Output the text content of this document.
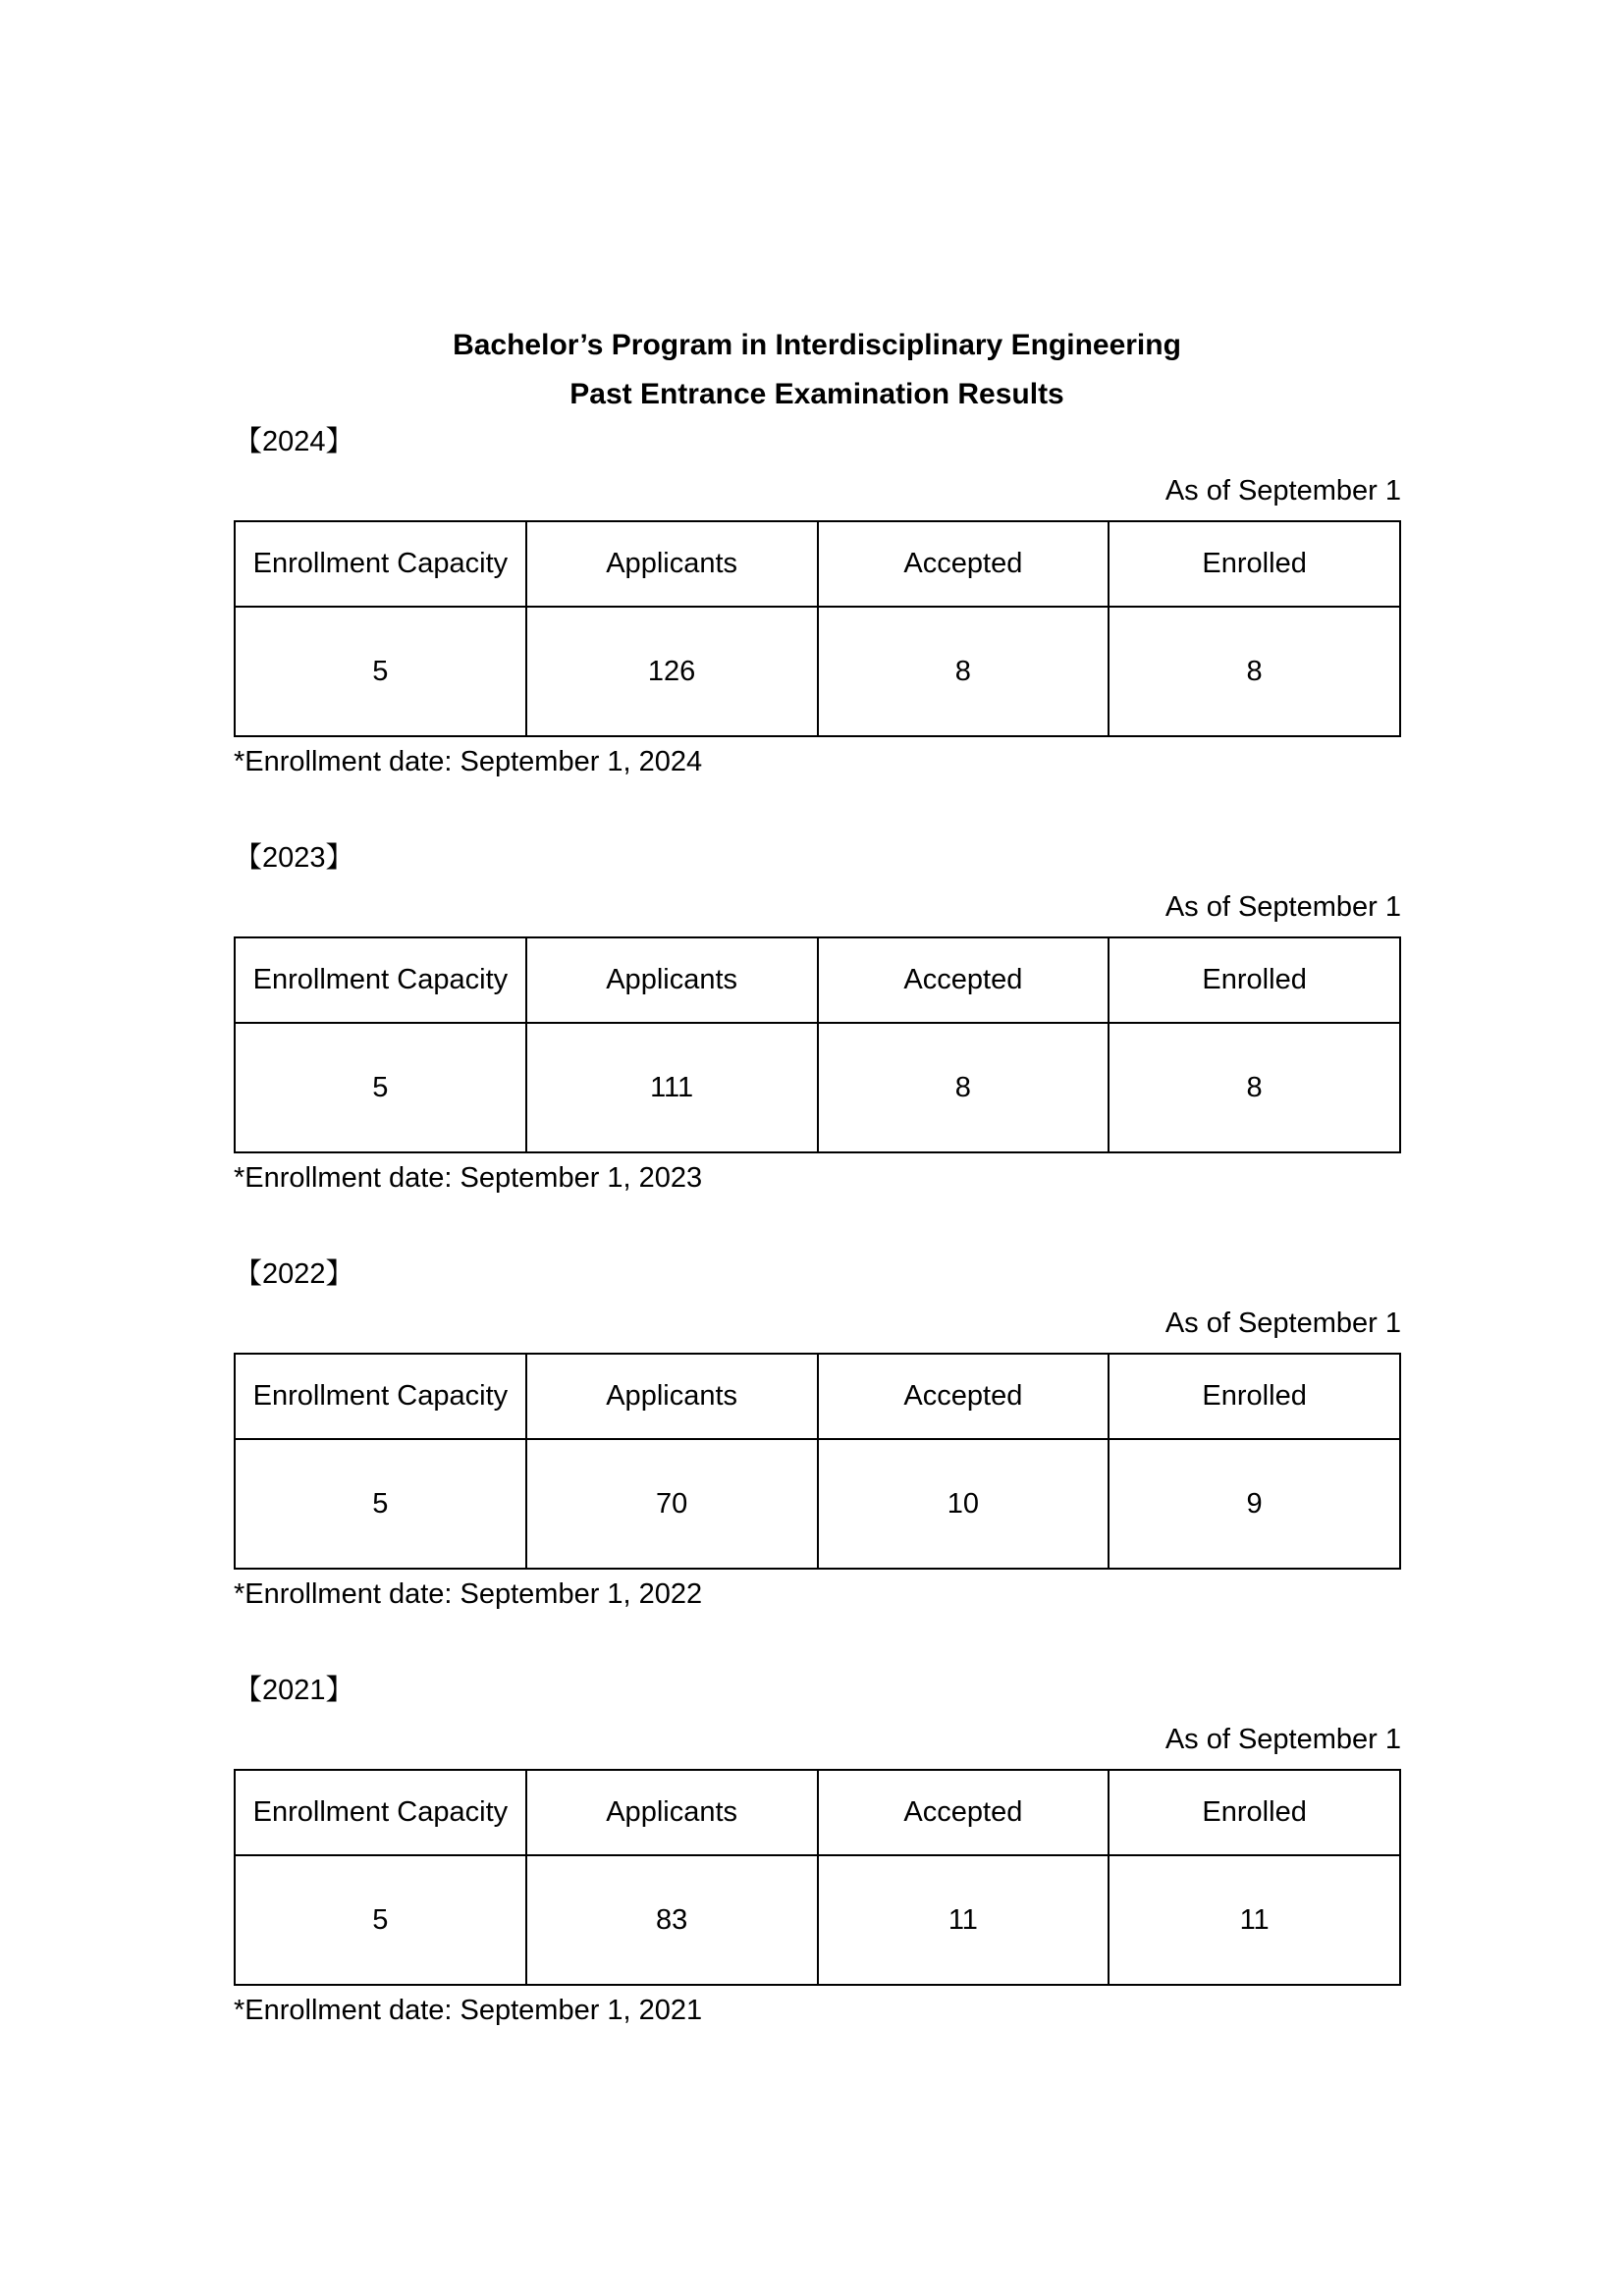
Bachelor’s Program in Interdisciplinary Engineering
Past Entrance Examination Results
【2024】
As of September 1
Enrollment Capacity	Applicants	Accepted	Enrolled
5	126	8	8
*Enrollment date: September 1, 2024
【2023】
As of September 1
Enrollment Capacity	Applicants	Accepted	Enrolled
5	111	8	8
*Enrollment date: September 1, 2023
【2022】
As of September 1
Enrollment Capacity	Applicants	Accepted	Enrolled
5	70	10	9
*Enrollment date: September 1, 2022
【2021】
As of September 1
Enrollment Capacity	Applicants	Accepted	Enrolled
5	83	11	11
*Enrollment date: September 1, 2021
